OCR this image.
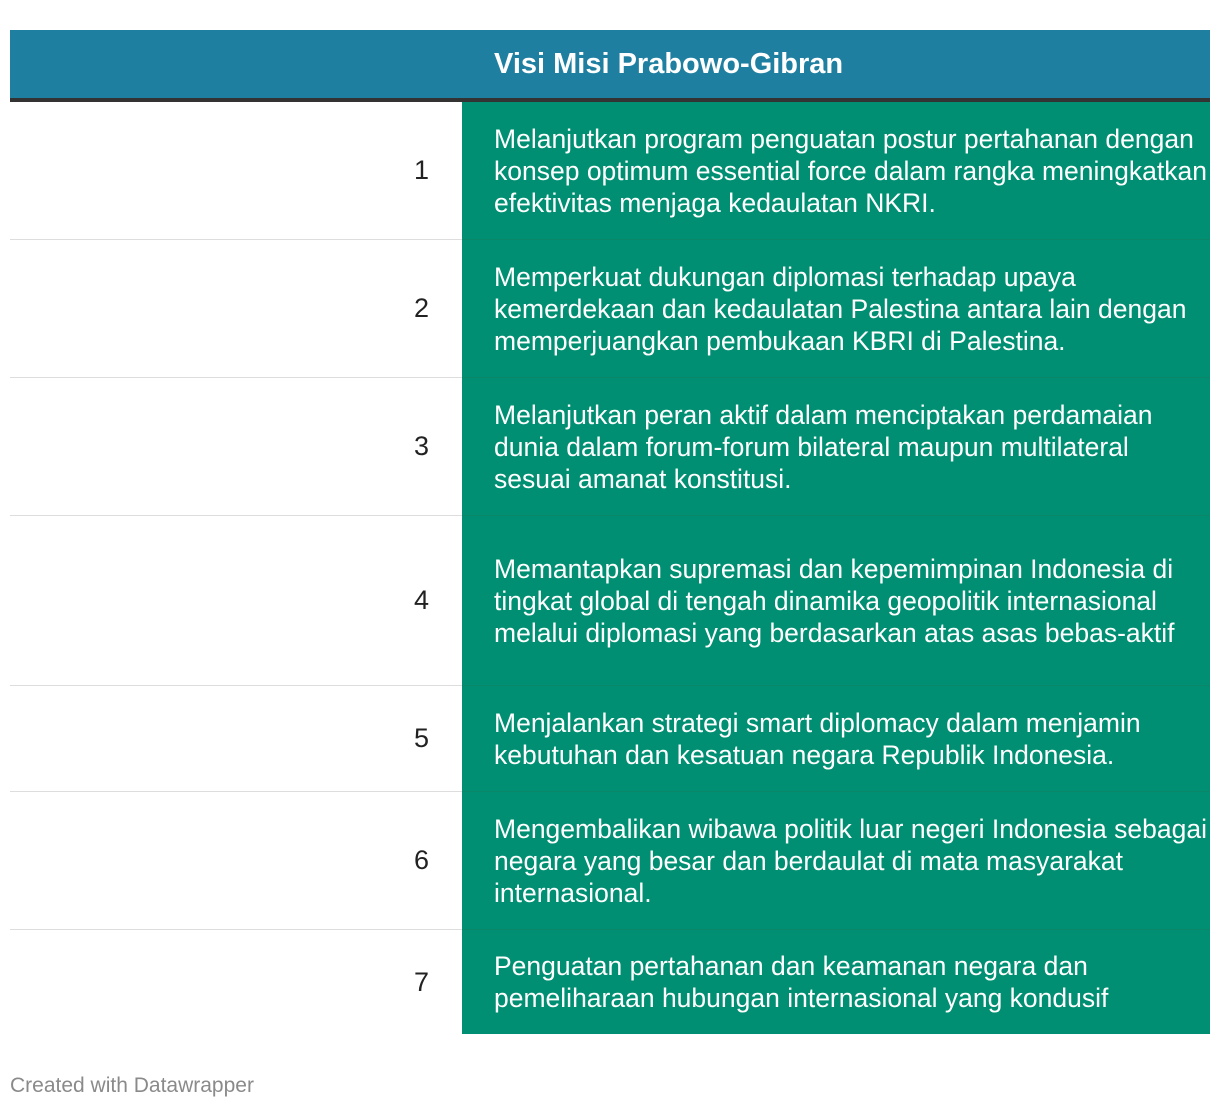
Visi Misi Prabowo-Gibran
1
Melanjutkan program penguatan postur pertahanan dengan konsep optimum essential force dalam rangka meningkatkan efektivitas menjaga kedaulatan NKRI.
2
Memperkuat dukungan diplomasi terhadap upaya kemerdekaan dan kedaulatan Palestina antara lain dengan memperjuangkan pembukaan KBRI di Palestina.
3
Melanjutkan peran aktif dalam menciptakan perdamaian dunia dalam forum-forum bilateral maupun multilateral sesuai amanat konstitusi.
4
Memantapkan supremasi dan kepemimpinan Indonesia di tingkat global di tengah dinamika geopolitik internasional melalui diplomasi yang berdasarkan atas asas bebas-aktif
5
Menjalankan strategi smart diplomacy dalam menjamin kebutuhan dan kesatuan negara Republik Indonesia.
6
Mengembalikan wibawa politik luar negeri Indonesia sebagai negara yang besar dan berdaulat di mata masyarakat internasional.
7
Penguatan pertahanan dan keamanan negara dan pemeliharaan hubungan internasional yang kondusif
Created with Datawrapper
